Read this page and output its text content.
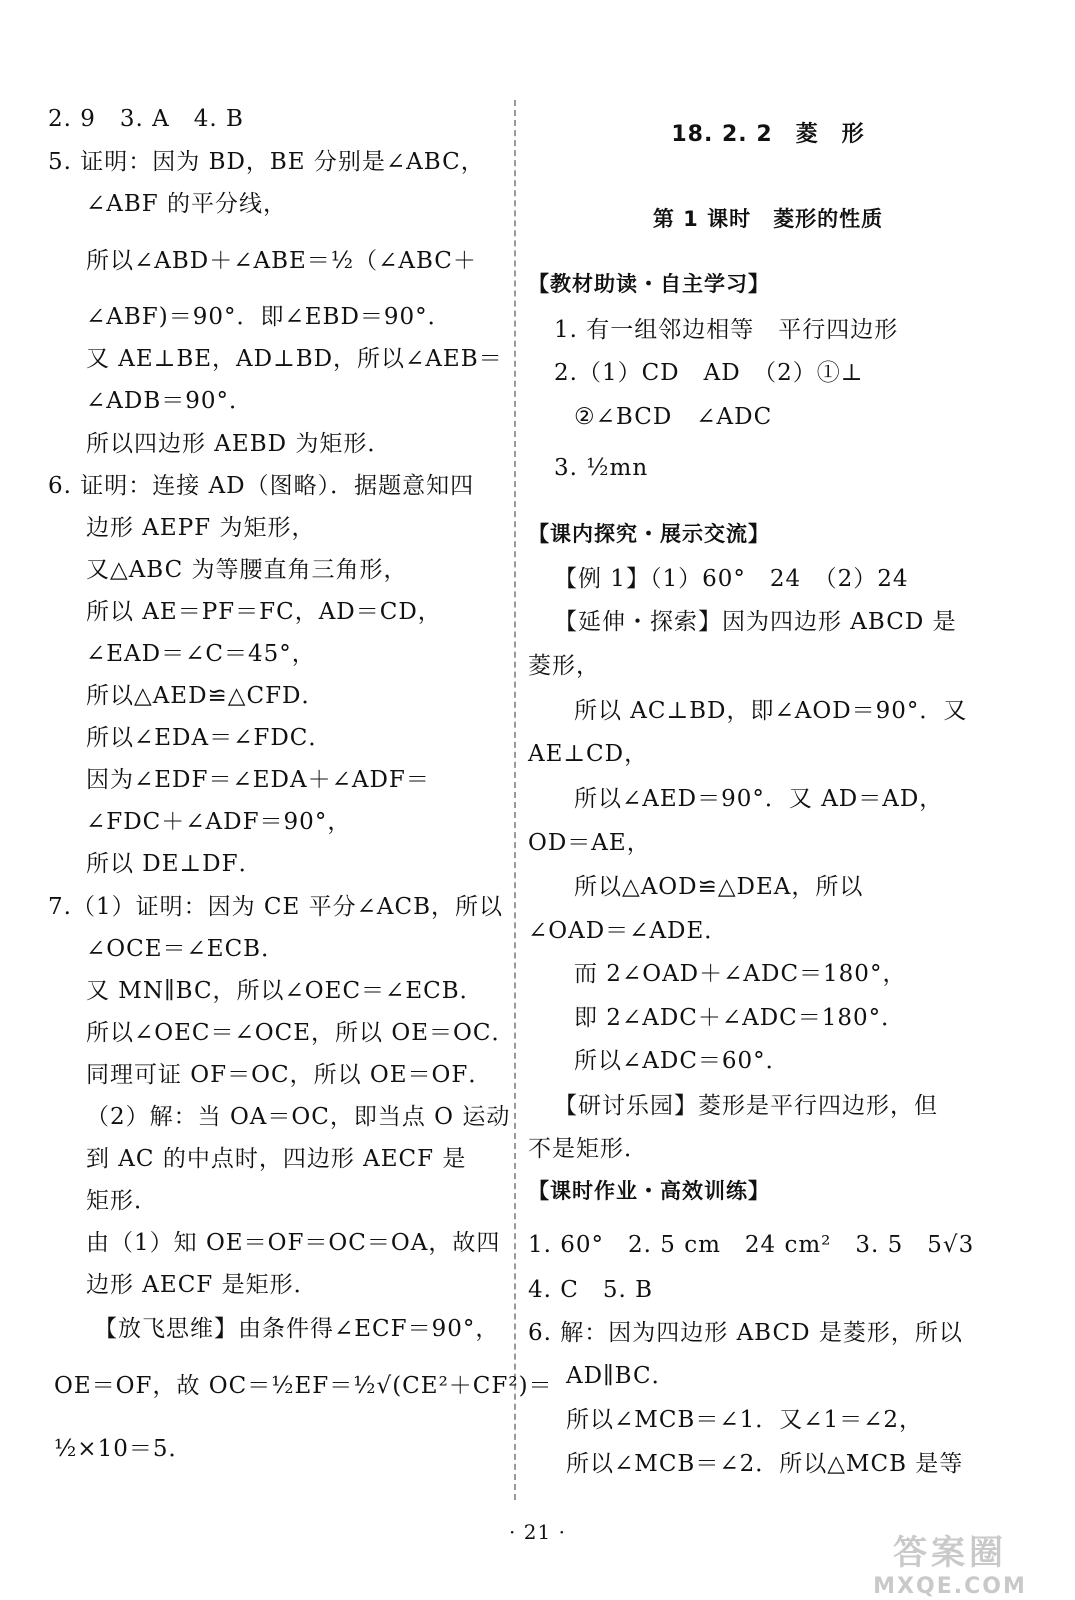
2. 9　3. A　4. B
5. 证明：因为 BD，BE 分别是∠ABC，
∠ABF 的平分线，
所以∠ABD＋∠ABE＝½（∠ABC＋
∠ABF)＝90°．即∠EBD＝90°．
又 AE⊥BE，AD⊥BD，所以∠AEB＝
∠ADB＝90°．
所以四边形 AEBD 为矩形．
6. 证明：连接 AD（图略）．据题意知四
边形 AEPF 为矩形，
又△ABC 为等腰直角三角形，
所以 AE＝PF＝FC，AD＝CD，
∠EAD＝∠C＝45°，
所以△AED≌△CFD．
所以∠EDA＝∠FDC．
因为∠EDF＝∠EDA＋∠ADF＝
∠FDC＋∠ADF＝90°，
所以 DE⊥DF．
7.（1）证明：因为 CE 平分∠ACB，所以
∠OCE＝∠ECB．
又 MN∥BC，所以∠OEC＝∠ECB．
所以∠OEC＝∠OCE，所以 OE＝OC．
同理可证 OF＝OC，所以 OE＝OF．
（2）解：当 OA＝OC，即当点 O 运动
到 AC 的中点时，四边形 AECF 是
矩形．
由（1）知 OE＝OF＝OC＝OA，故四
边形 AECF 是矩形．
【放飞思维】由条件得∠ECF＝90°，
OE＝OF，故 OC＝½EF＝½√(CE²＋CF²)＝
½×10＝5．
18. 2. 2　菱　形
第 1 课时　菱形的性质
【教材助读・自主学习】
1. 有一组邻边相等　平行四边形
2.（1）CD　AD　（2）①⊥
②∠BCD　∠ADC
3. ½mn
【课内探究・展示交流】
【例 1】（1）60°　24　（2）24
【延伸・探索】因为四边形 ABCD 是
菱形，
所以 AC⊥BD，即∠AOD＝90°．又
AE⊥CD，
所以∠AED＝90°．又 AD＝AD，
OD＝AE，
所以△AOD≌△DEA，所以
∠OAD＝∠ADE．
而 2∠OAD＋∠ADC＝180°，
即 2∠ADC＋∠ADC＝180°．
所以∠ADC＝60°．
【研讨乐园】菱形是平行四边形，但
不是矩形．
【课时作业・高效训练】
1. 60°　2. 5 cm　24 cm²　3. 5　5√3
4. C　5. B
6. 解：因为四边形 ABCD 是菱形，所以
AD∥BC．
所以∠MCB＝∠1．又∠1＝∠2，
所以∠MCB＝∠2．所以△MCB 是等
· 21 ·
答案圈
MXQE.COM
